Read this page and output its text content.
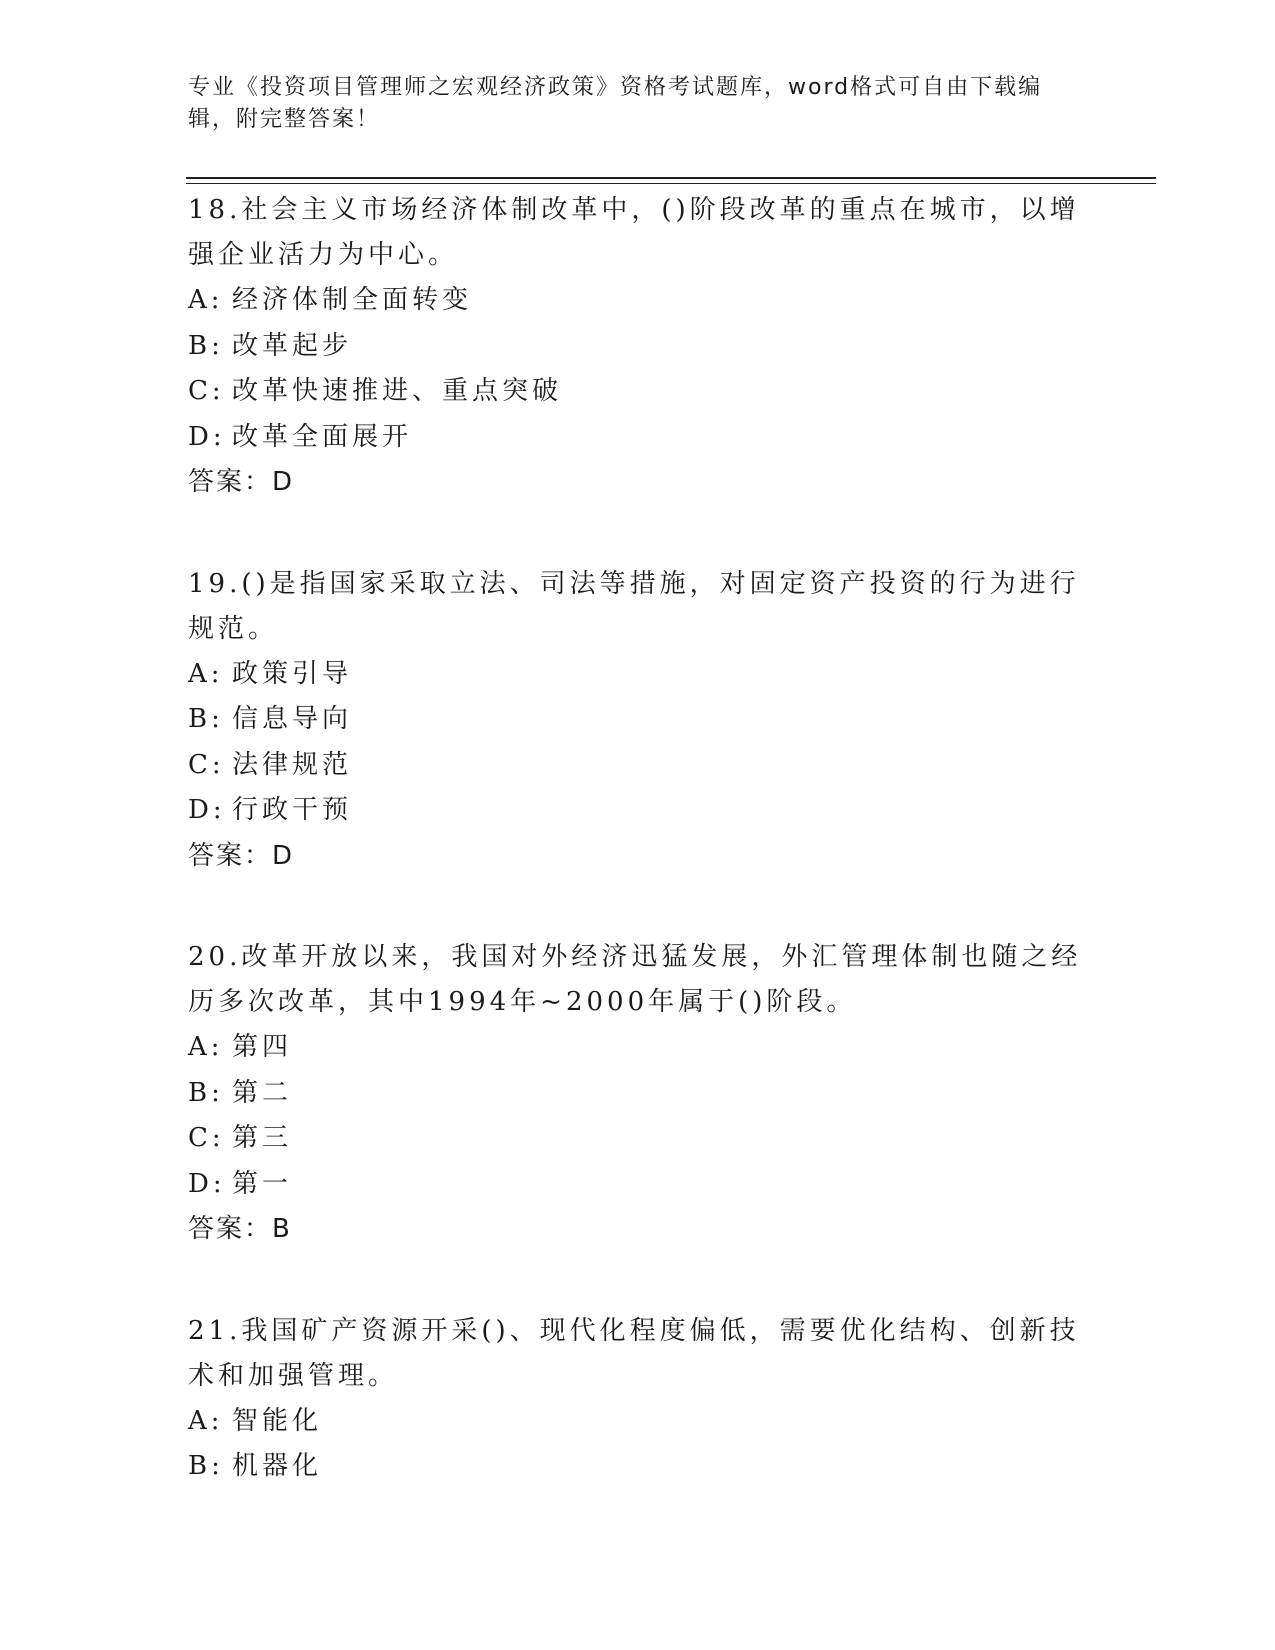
专业《投资项目管理师之宏观经济政策》资格考试题库，word格式可自由下载编辑，附完整答案！

18.社会主义市场经济体制改革中，()阶段改革的重点在城市，以增强企业活力为中心。

A: 经济体制全面转变

B: 改革起步

C: 改革快速推进、重点突破

D: 改革全面展开

答案：D

19.()是指国家采取立法、司法等措施，对固定资产投资的行为进行规范。

A: 政策引导

B: 信息导向

C: 法律规范

D: 行政干预

答案：D

20.改革开放以来，我国对外经济迅猛发展，外汇管理体制也随之经历多次改革，其中1994年~2000年属于()阶段。

A: 第四

B: 第二

C: 第三

D: 第一

答案：B

21.我国矿产资源开采()、现代化程度偏低，需要优化结构、创新技术和加强管理。

A: 智能化

B: 机器化
